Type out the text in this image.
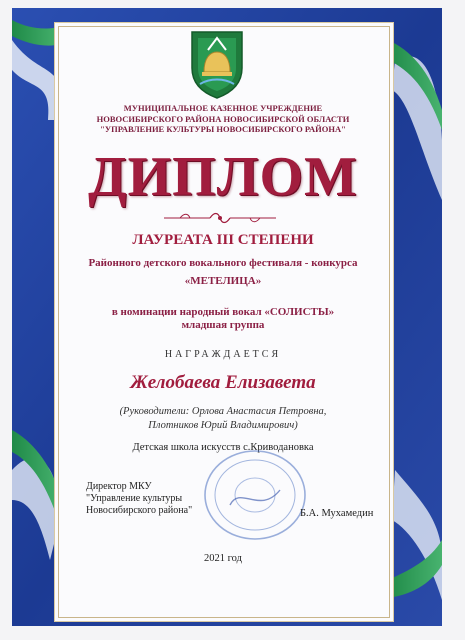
МУНИЦИПАЛЬНОЕ КАЗЕННОЕ УЧРЕЖДЕНИЕ
НОВОСИБИРСКОГО РАЙОНА НОВОСИБИРСКОЙ ОБЛАСТИ
"УПРАВЛЕНИЕ КУЛЬТУРЫ НОВОСИБИРСКОГО РАЙОНА"
ДИПЛОМ
ЛАУРЕАТА III СТЕПЕНИ
Районного детского вокального фестиваля - конкурса
«МЕТЕЛИЦА»
в номинации народный вокал «СОЛИСТЫ»
младшая группа
НАГРАЖДАЕТСЯ
Желобаева Елизавета
(Руководители: Орлова Анастасия Петровна,
Плотников Юрий Владимирович)
Детская школа искусств с.Криводановка
Директор МКУ
"Управление культуры
Новосибирского района"	Б.А. Мухамедин
2021 год
